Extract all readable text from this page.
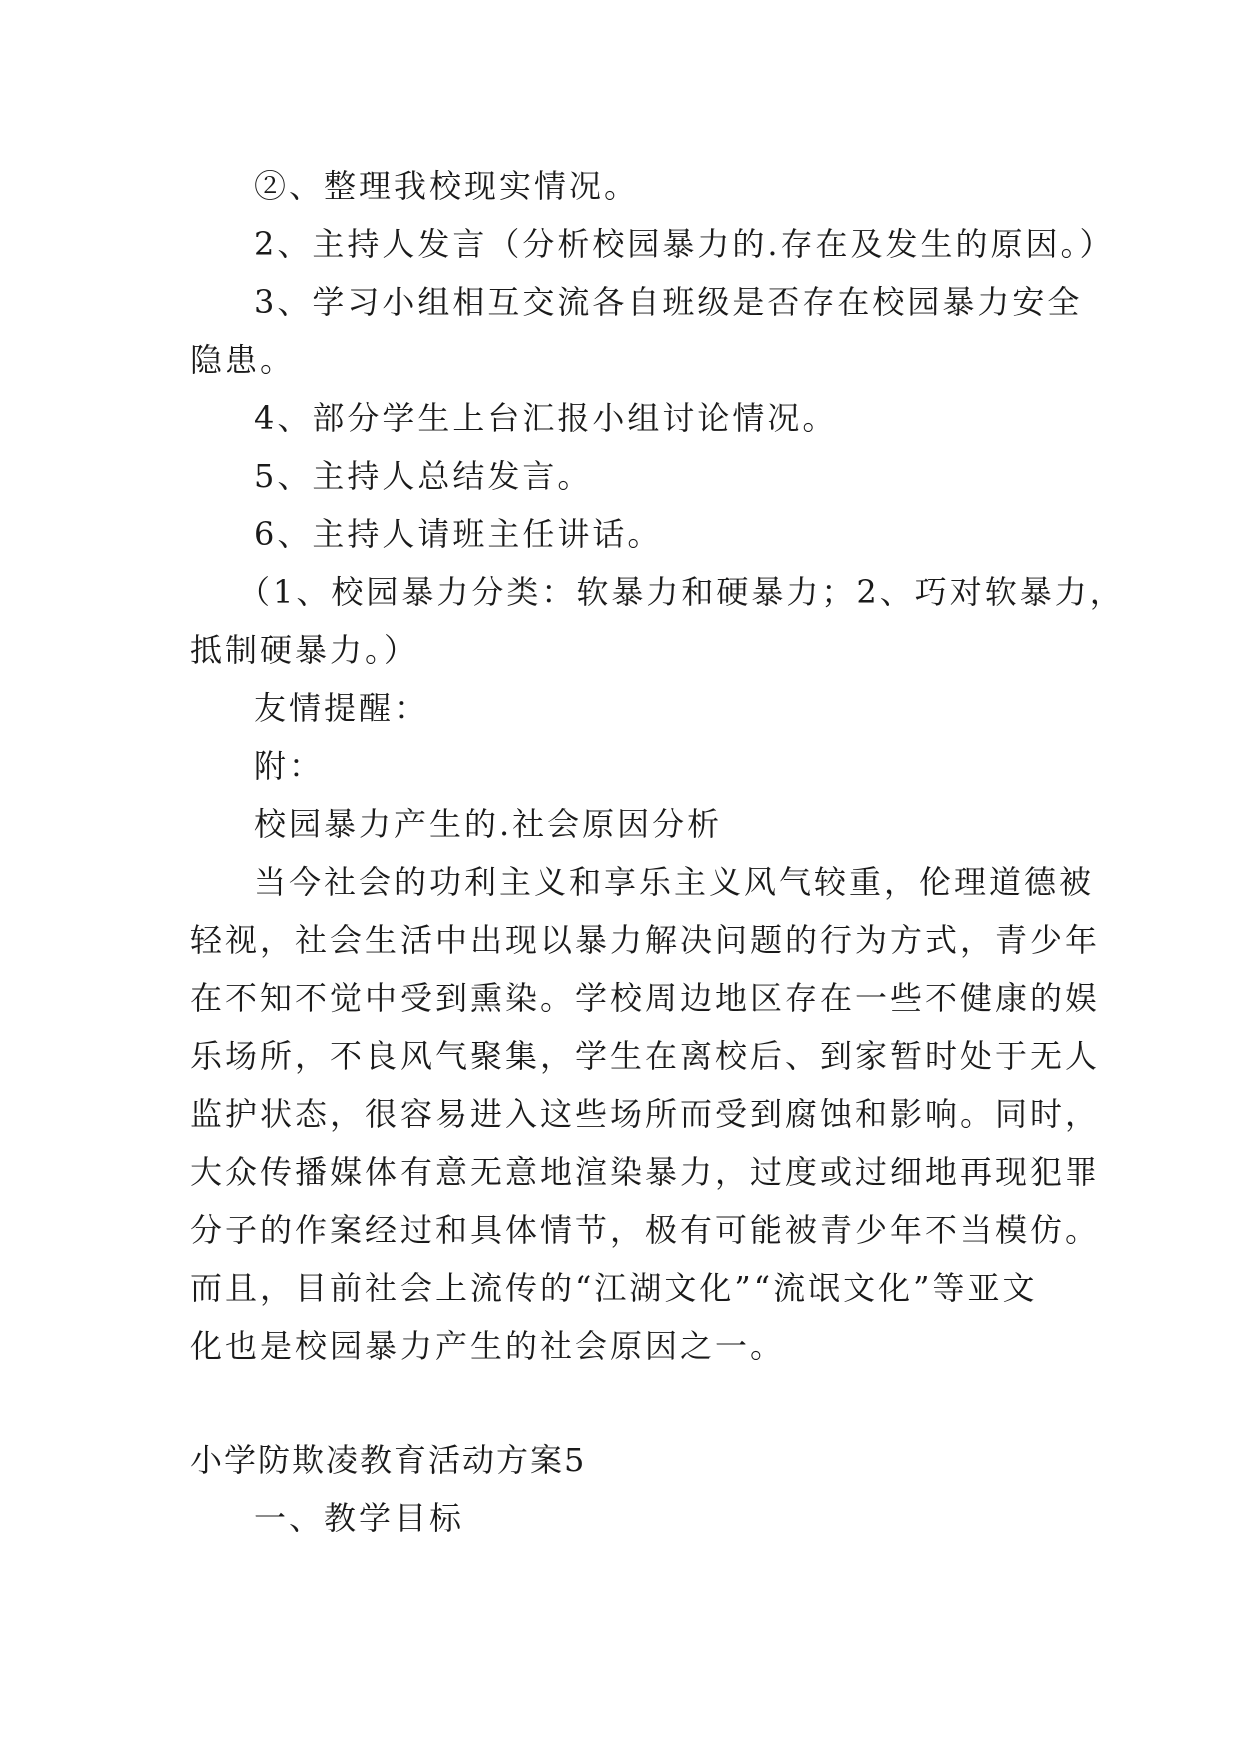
②、整理我校现实情况。
2、主持人发言（分析校园暴力的.存在及发生的原因。）
3、学习小组相互交流各自班级是否存在校园暴力安全
隐患。
4、部分学生上台汇报小组讨论情况。
5、主持人总结发言。
6、主持人请班主任讲话。
（1、校园暴力分类：软暴力和硬暴力；2、巧对软暴力，
抵制硬暴力。）
友情提醒：
附：
校园暴力产生的.社会原因分析
当今社会的功利主义和享乐主义风气较重，伦理道德被
轻视，社会生活中出现以暴力解决问题的行为方式，青少年
在不知不觉中受到熏染。学校周边地区存在一些不健康的娱
乐场所，不良风气聚集，学生在离校后、到家暂时处于无人
监护状态，很容易进入这些场所而受到腐蚀和影响。同时，
大众传播媒体有意无意地渲染暴力，过度或过细地再现犯罪
分子的作案经过和具体情节，极有可能被青少年不当模仿。
而且，目前社会上流传的“江湖文化”“流氓文化”等亚文
化也是校园暴力产生的社会原因之一。
小学防欺凌教育活动方案5
一、教学目标
